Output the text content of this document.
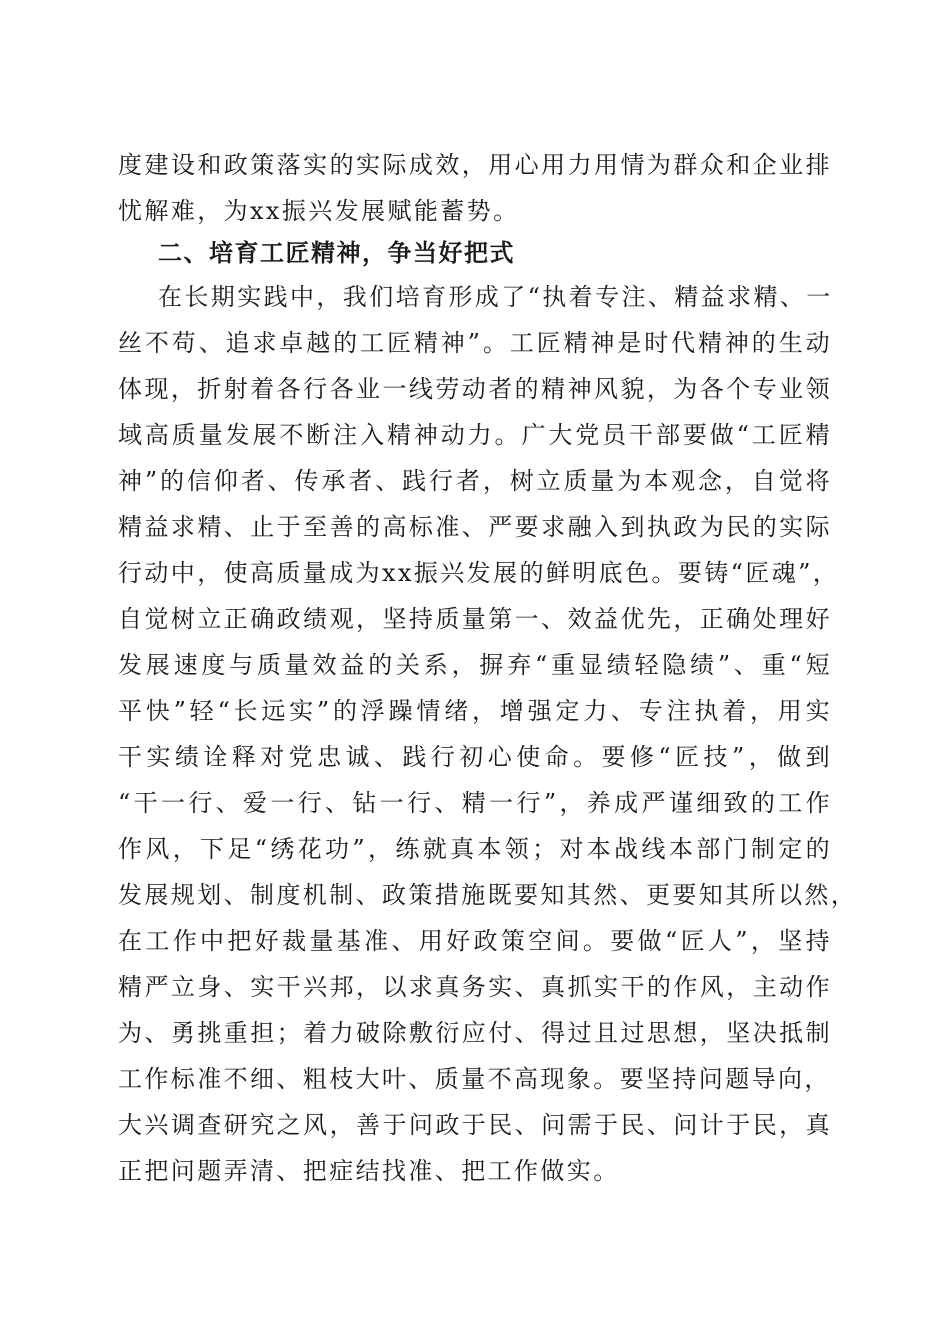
度建设和政策落实的实际成效，用心用力用情为群众和企业排
忧解难，为xx振兴发展赋能蓄势。
二、培育工匠精神，争当好把式
在长期实践中，我们培育形成了“执着专注、精益求精、一
丝不苟、追求卓越的工匠精神”。工匠精神是时代精神的生动
体现，折射着各行各业一线劳动者的精神风貌，为各个专业领
域高质量发展不断注入精神动力。广大党员干部要做“工匠精
神”的信仰者、传承者、践行者，树立质量为本观念，自觉将
精益求精、止于至善的高标准、严要求融入到执政为民的实际
行动中，使高质量成为xx振兴发展的鲜明底色。要铸“匠魂”，
自觉树立正确政绩观，坚持质量第一、效益优先，正确处理好
发展速度与质量效益的关系，摒弃“重显绩轻隐绩”、重“短
平快”轻“长远实”的浮躁情绪，增强定力、专注执着，用实
干实绩诠释对党忠诚、践行初心使命。要修“匠技”，做到
“干一行、爱一行、钻一行、精一行”，养成严谨细致的工作
作风，下足“绣花功”，练就真本领；对本战线本部门制定的
发展规划、制度机制、政策措施既要知其然、更要知其所以然，
在工作中把好裁量基准、用好政策空间。要做“匠人”，坚持
精严立身、实干兴邦，以求真务实、真抓实干的作风，主动作
为、勇挑重担；着力破除敷衍应付、得过且过思想，坚决抵制
工作标准不细、粗枝大叶、质量不高现象。要坚持问题导向，
大兴调查研究之风，善于问政于民、问需于民、问计于民，真
正把问题弄清、把症结找准、把工作做实。
